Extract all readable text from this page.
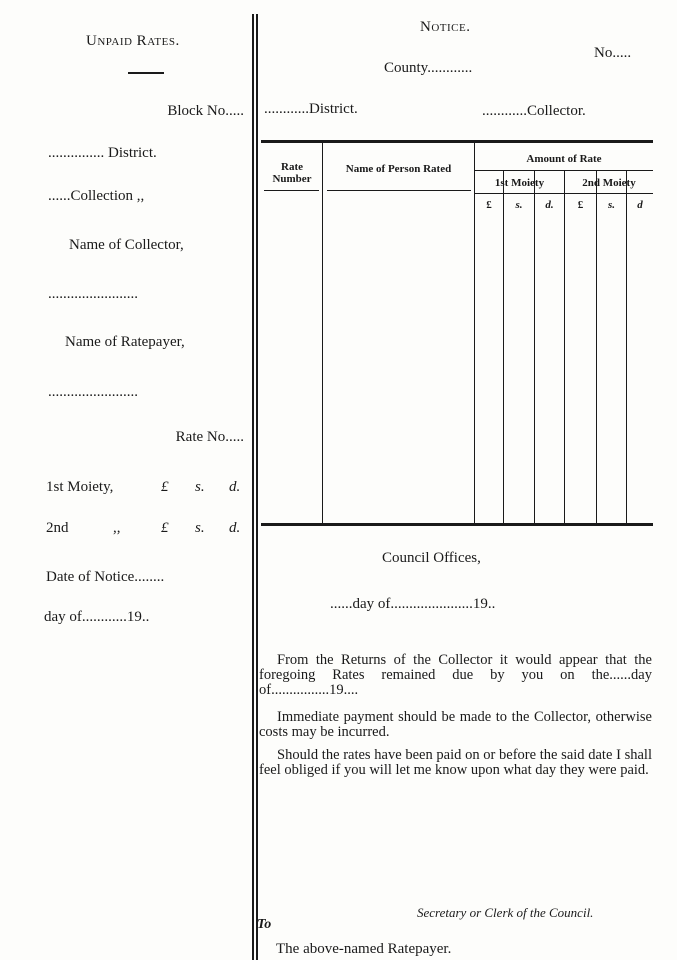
Unpaid Rates.
Block No.....
............... District.
......Collection ,,
Name of Collector,
........................
Name of Ratepayer,
........................
Rate No.....
1st Moiety,	£ s. d.
2nd	,,	£ s. d.
Date of Notice........
day of............19..
Notice.
No.....
County............
............District.	............Collector.
Rate Number
Name of Person Rated
Amount of Rate
1st Moiety	2nd Moiety
£	s.	d.	£	s.	d
Council Offices,
......day of......................19..
From the Returns of the Collector it would appear that the foregoing Rates remained due by you on the......day of................19....
Immediate payment should be made to the Collector, otherwise costs may be incurred.
Should the rates have been paid on or before the said date I shall feel obliged if you will let me know upon what day they were paid.
Secretary or Clerk of the Council.
To
The above-named Ratepayer.
